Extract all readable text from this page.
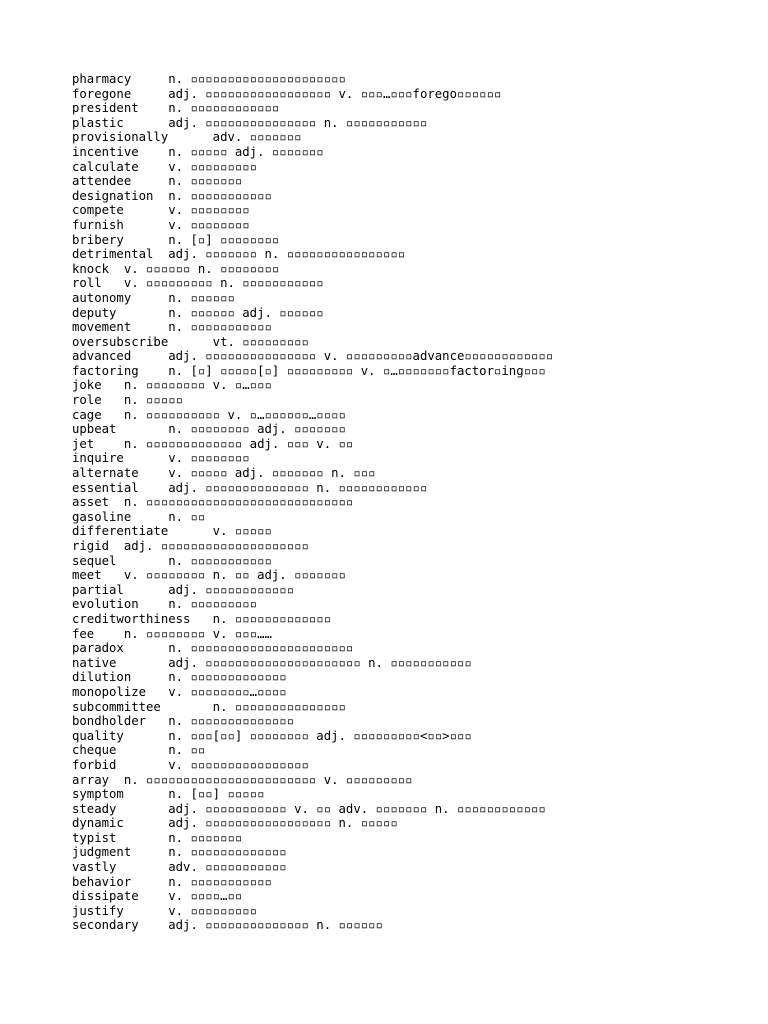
pharmacy     n. ▫▫▫▫▫▫▫▫▫▫▫▫▫▫▫▫▫▫▫▫▫
foregone     adj. ▫▫▫▫▫▫▫▫▫▫▫▫▫▫▫▫▫ v. ▫▫▫…▫▫▫forego▫▫▫▫▫▫
president    n. ▫▫▫▫▫▫▫▫▫▫▫▫
plastic      adj. ▫▫▫▫▫▫▫▫▫▫▫▫▫▫▫ n. ▫▫▫▫▫▫▫▫▫▫▫
provisionally      adv. ▫▫▫▫▫▫▫
incentive    n. ▫▫▫▫▫ adj. ▫▫▫▫▫▫▫
calculate    v. ▫▫▫▫▫▫▫▫▫
attendee     n. ▫▫▫▫▫▫▫
designation  n. ▫▫▫▫▫▫▫▫▫▫▫
compete      v. ▫▫▫▫▫▫▫▫
furnish      v. ▫▫▫▫▫▫▫▫
bribery      n. [▫] ▫▫▫▫▫▫▫▫
detrimental  adj. ▫▫▫▫▫▫▫ n. ▫▫▫▫▫▫▫▫▫▫▫▫▫▫▫▫
knock  v. ▫▫▫▫▫▫ n. ▫▫▫▫▫▫▫▫
roll   v. ▫▫▫▫▫▫▫▫▫ n. ▫▫▫▫▫▫▫▫▫▫▫
autonomy     n. ▫▫▫▫▫▫
deputy       n. ▫▫▫▫▫▫ adj. ▫▫▫▫▫▫
movement     n. ▫▫▫▫▫▫▫▫▫▫▫
oversubscribe      vt. ▫▫▫▫▫▫▫▫▫
advanced     adj. ▫▫▫▫▫▫▫▫▫▫▫▫▫▫▫ v. ▫▫▫▫▫▫▫▫▫advance▫▫▫▫▫▫▫▫▫▫▫▫
factoring    n. [▫] ▫▫▫▫▫[▫] ▫▫▫▫▫▫▫▫▫ v. ▫…▫▫▫▫▫▫▫factor▫ing▫▫▫
joke   n. ▫▫▫▫▫▫▫▫ v. ▫…▫▫▫
role   n. ▫▫▫▫▫
cage   n. ▫▫▫▫▫▫▫▫▫▫ v. ▫…▫▫▫▫▫▫…▫▫▫▫
upbeat       n. ▫▫▫▫▫▫▫▫ adj. ▫▫▫▫▫▫▫
jet    n. ▫▫▫▫▫▫▫▫▫▫▫▫▫ adj. ▫▫▫ v. ▫▫
inquire      v. ▫▫▫▫▫▫▫▫
alternate    v. ▫▫▫▫▫ adj. ▫▫▫▫▫▫▫ n. ▫▫▫
essential    adj. ▫▫▫▫▫▫▫▫▫▫▫▫▫▫ n. ▫▫▫▫▫▫▫▫▫▫▫▫
asset  n. ▫▫▫▫▫▫▫▫▫▫▫▫▫▫▫▫▫▫▫▫▫▫▫▫▫▫▫▫
gasoline     n. ▫▫
differentiate      v. ▫▫▫▫▫
rigid  adj. ▫▫▫▫▫▫▫▫▫▫▫▫▫▫▫▫▫▫▫▫
sequel       n. ▫▫▫▫▫▫▫▫▫▫▫
meet   v. ▫▫▫▫▫▫▫▫ n. ▫▫ adj. ▫▫▫▫▫▫▫
partial      adj. ▫▫▫▫▫▫▫▫▫▫▫▫
evolution    n. ▫▫▫▫▫▫▫▫▫
creditworthiness   n. ▫▫▫▫▫▫▫▫▫▫▫▫▫
fee    n. ▫▫▫▫▫▫▫▫ v. ▫▫▫……
paradox      n. ▫▫▫▫▫▫▫▫▫▫▫▫▫▫▫▫▫▫▫▫▫▫
native       adj. ▫▫▫▫▫▫▫▫▫▫▫▫▫▫▫▫▫▫▫▫▫ n. ▫▫▫▫▫▫▫▫▫▫▫
dilution     n. ▫▫▫▫▫▫▫▫▫▫▫▫▫
monopolize   v. ▫▫▫▫▫▫▫▫…▫▫▫▫
subcommittee       n. ▫▫▫▫▫▫▫▫▫▫▫▫▫▫▫
bondholder   n. ▫▫▫▫▫▫▫▫▫▫▫▫▫▫
quality      n. ▫▫▫[▫▫] ▫▫▫▫▫▫▫▫ adj. ▫▫▫▫▫▫▫▫▫<▫▫>▫▫▫
cheque       n. ▫▫
forbid       v. ▫▫▫▫▫▫▫▫▫▫▫▫▫▫▫▫
array  n. ▫▫▫▫▫▫▫▫▫▫▫▫▫▫▫▫▫▫▫▫▫▫▫ v. ▫▫▫▫▫▫▫▫▫
symptom      n. [▫▫] ▫▫▫▫▫
steady       adj. ▫▫▫▫▫▫▫▫▫▫▫ v. ▫▫ adv. ▫▫▫▫▫▫▫ n. ▫▫▫▫▫▫▫▫▫▫▫▫
dynamic      adj. ▫▫▫▫▫▫▫▫▫▫▫▫▫▫▫▫▫ n. ▫▫▫▫▫
typist       n. ▫▫▫▫▫▫▫
judgment     n. ▫▫▫▫▫▫▫▫▫▫▫▫▫
vastly       adv. ▫▫▫▫▫▫▫▫▫▫▫
behavior     n. ▫▫▫▫▫▫▫▫▫▫▫
dissipate    v. ▫▫▫▫…▫▫
justify      v. ▫▫▫▫▫▫▫▫▫
secondary    adj. ▫▫▫▫▫▫▫▫▫▫▫▫▫▫ n. ▫▫▫▫▫▫
